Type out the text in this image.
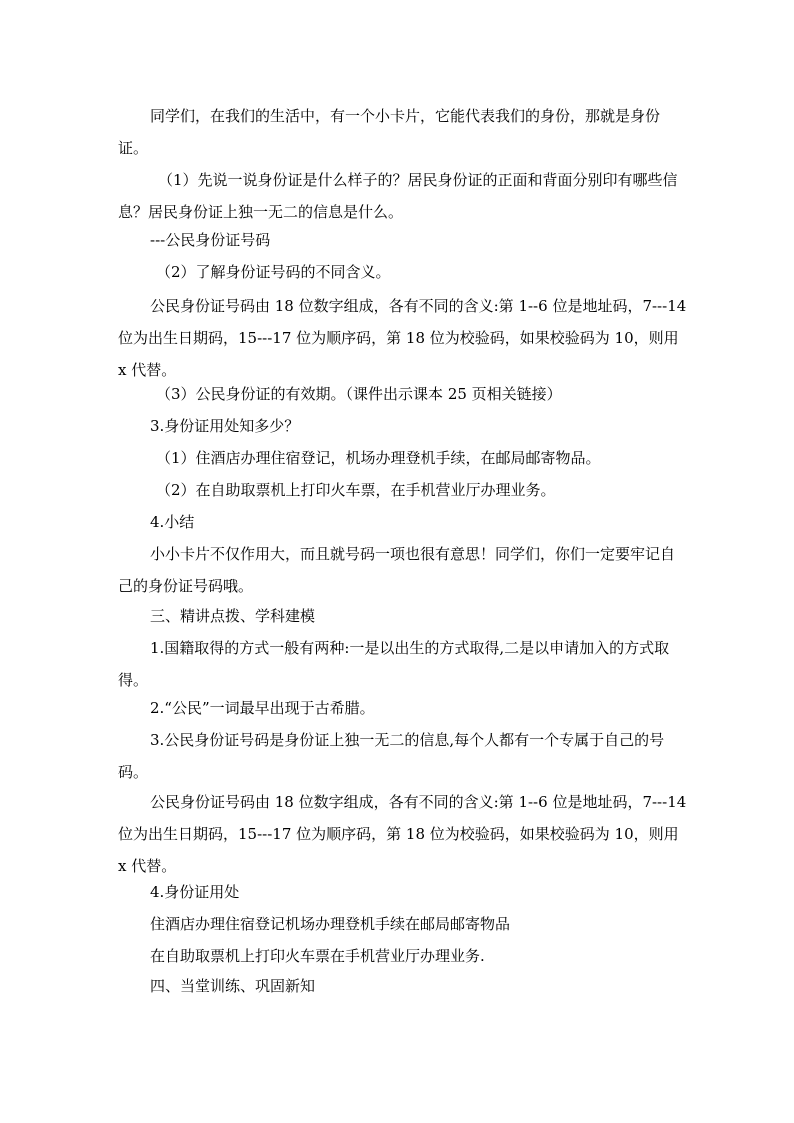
同学们，在我们的生活中，有一个小卡片，它能代表我们的身份，那就是身份证。

（1）先说一说身份证是什么样子的？居民身份证的正面和背面分别印有哪些信息？居民身份证上独一无二的信息是什么。

---公民身份证号码

（2）了解身份证号码的不同含义。

公民身份证号码由 18 位数字组成，各有不同的含义:第 1--6 位是地址码，7---14 位为出生日期码，15---17 位为顺序码，第 18 位为校验码，如果校验码为 10，则用 x 代替。

（3）公民身份证的有效期。（课件出示课本 25 页相关链接）

3.身份证用处知多少？

（1）住酒店办理住宿登记，机场办理登机手续，在邮局邮寄物品。

（2）在自助取票机上打印火车票，在手机营业厅办理业务。

4.小结

小小卡片不仅作用大，而且就号码一项也很有意思！同学们，你们一定要牢记自己的身份证号码哦。

三、精讲点拨、学科建模

1.国籍取得的方式一般有两种:一是以出生的方式取得,二是以申请加入的方式取得。

2.“公民”一词最早出现于古希腊。

3.公民身份证号码是身份证上独一无二的信息,每个人都有一个专属于自己的号码。

公民身份证号码由 18 位数字组成，各有不同的含义:第 1--6 位是地址码，7---14 位为出生日期码，15---17 位为顺序码，第 18 位为校验码，如果校验码为 10，则用 x 代替。

4.身份证用处

住酒店办理住宿登记机场办理登机手续在邮局邮寄物品

在自助取票机上打印火车票在手机营业厅办理业务.

四、当堂训练、巩固新知
